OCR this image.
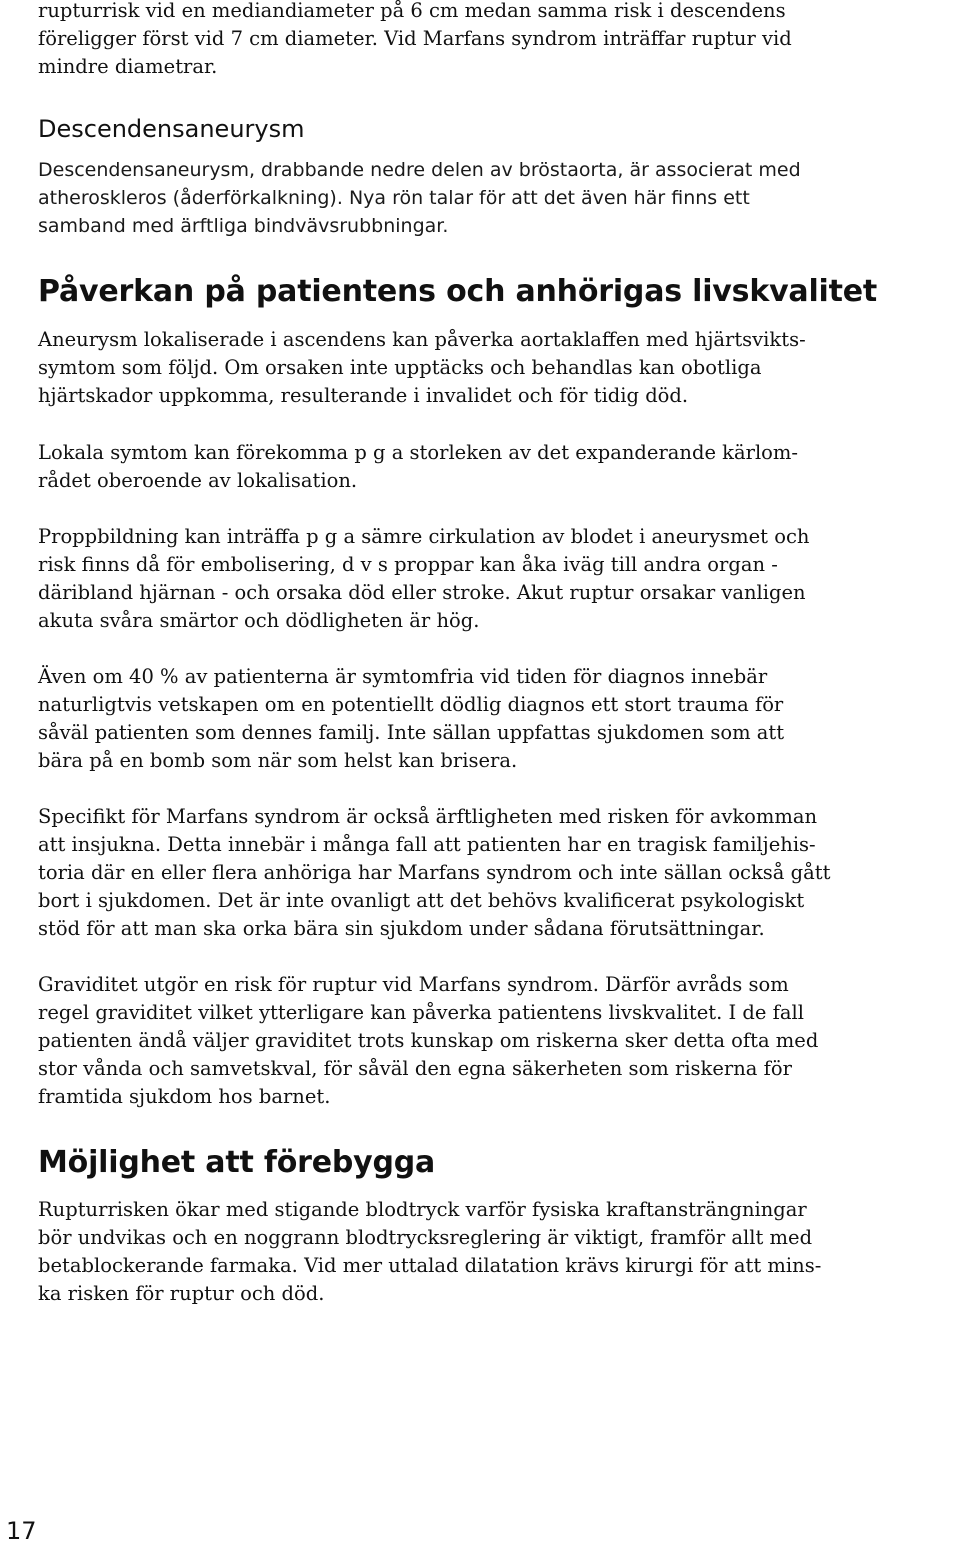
rupturrisk vid en mediandiameter på 6 cm medan samma risk i descendens

föreligger först vid 7 cm diameter. Vid Marfans syndrom inträffar ruptur vid

mindre diametrar.

Descendensaneurysm

Descendensaneurysm, drabbande nedre delen av bröstaorta, är associerat med

atheroskleros (åderförkalkning). Nya rön talar för att det även här finns ett

samband med ärftliga bindvävsrubbningar.

Påverkan på patientens och anhörigas livskvalitet

Aneurysm lokaliserade i ascendens kan påverka aortaklaffen med hjärtsvikts-

symtom som följd. Om orsaken inte upptäcks och behandlas kan obotliga

hjärtskador uppkomma, resulterande i invalidet och för tidig död.

Lokala symtom kan förekomma p g a storleken av det expanderande kärlom-

rådet oberoende av lokalisation.

Proppbildning kan inträffa p g a sämre cirkulation av blodet i aneurysmet och

risk finns då för embolisering, d v s proppar kan åka iväg till andra organ -

däribland hjärnan - och orsaka död eller stroke. Akut ruptur orsakar vanligen

akuta svåra smärtor och dödligheten är hög.

Även om 40 % av patienterna är symtomfria vid tiden för diagnos innebär

naturligtvis vetskapen om en potentiellt dödlig diagnos ett stort trauma för

såväl patienten som dennes familj. Inte sällan uppfattas sjukdomen som att

bära på en bomb som när som helst kan brisera.

Specifikt för Marfans syndrom är också ärftligheten med risken för avkomman

att insjukna. Detta innebär i många fall att patienten har en tragisk familjehis-

toria där en eller flera anhöriga har Marfans syndrom och inte sällan också gått

bort i sjukdomen. Det är inte ovanligt att det behövs kvalificerat psykologiskt

stöd för att man ska orka bära sin sjukdom under sådana förutsättningar.

Graviditet utgör en risk för ruptur vid Marfans syndrom. Därför avråds som

regel graviditet vilket ytterligare kan påverka patientens livskvalitet. I de fall

patienten ändå väljer graviditet trots kunskap om riskerna sker detta ofta med

stor vånda och samvetskval, för såväl den egna säkerheten som riskerna för

framtida sjukdom hos barnet.

Möjlighet att förebygga

Rupturrisken ökar med stigande blodtryck varför fysiska kraftansträngningar

bör undvikas och en noggrann blodtrycksreglering är viktigt, framför allt med

betablockerande farmaka. Vid mer uttalad dilatation krävs kirurgi för att mins-

ka risken för ruptur och död.

17
